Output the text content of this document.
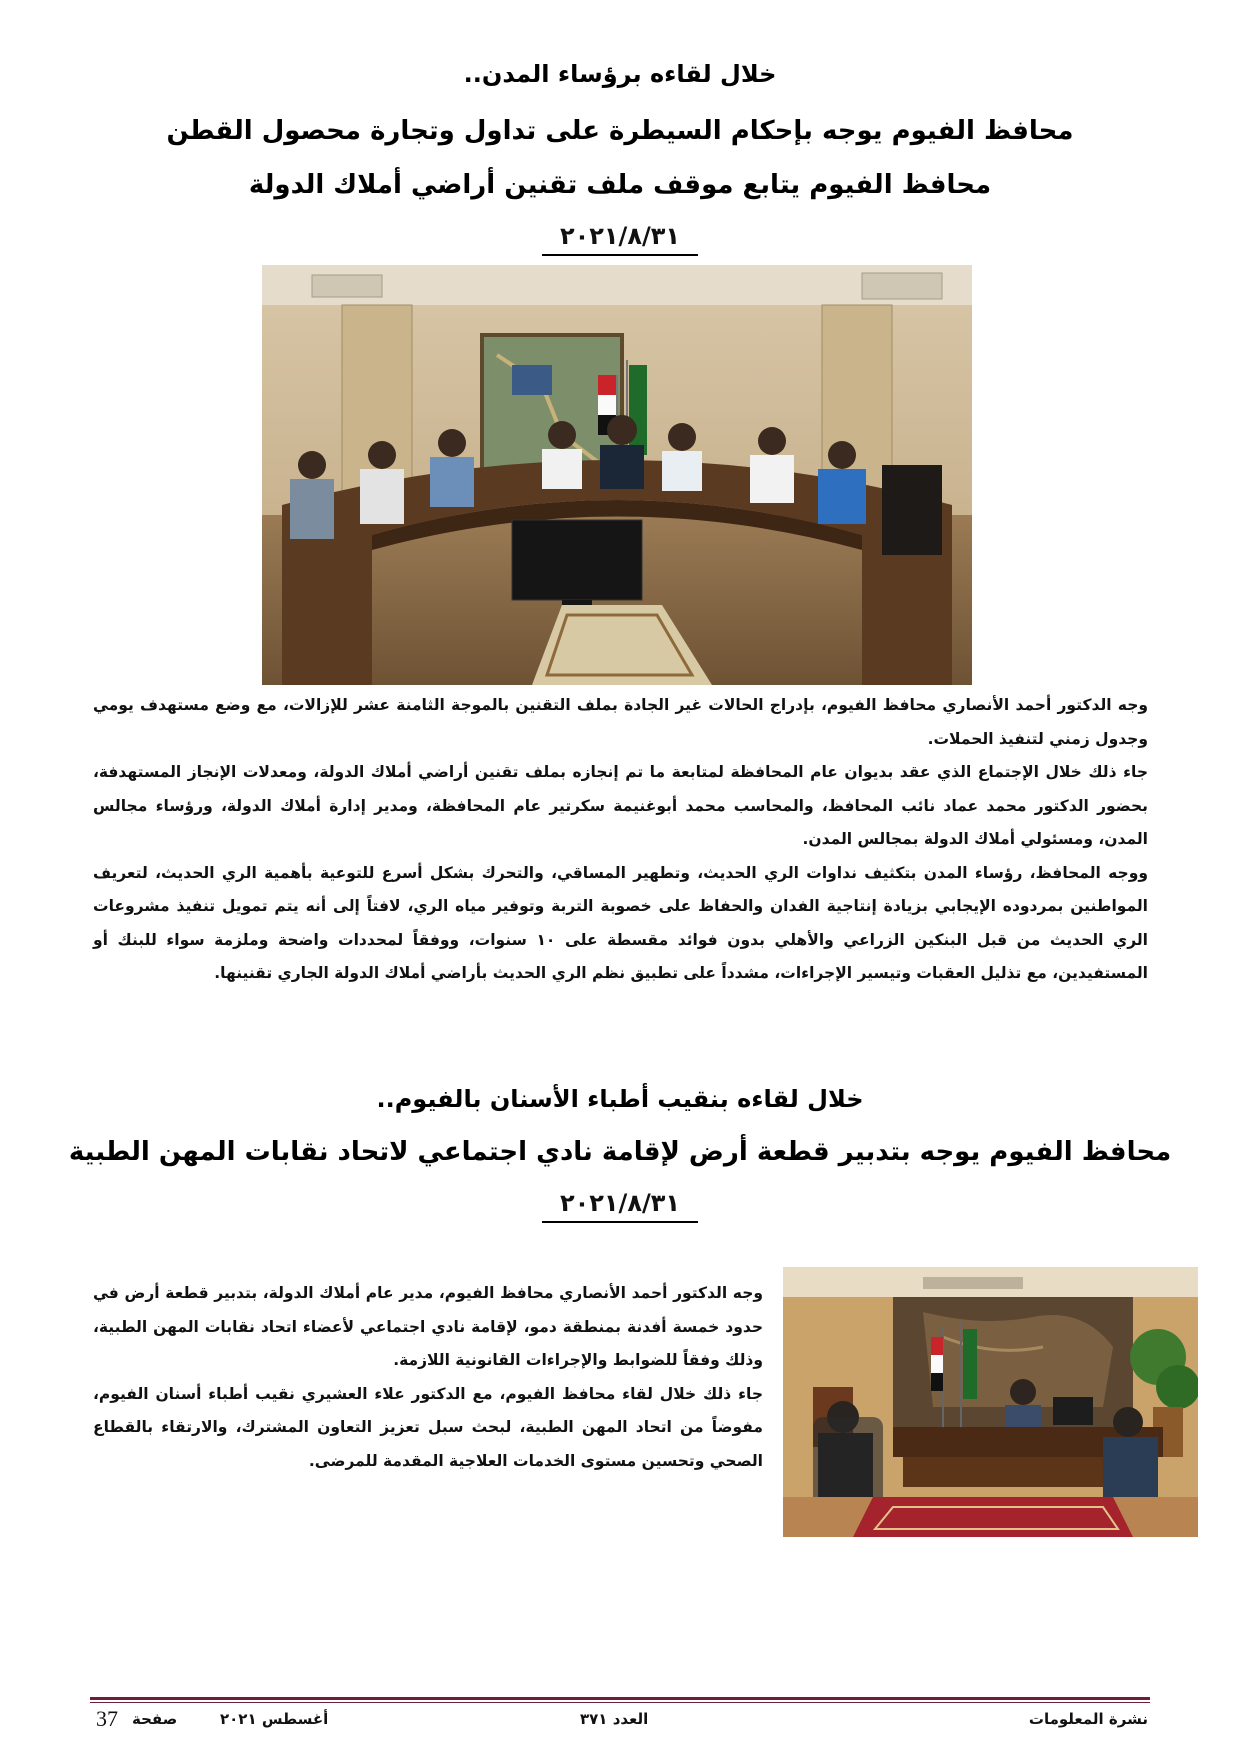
خلال لقاءه برؤساء المدن..
محافظ الفيوم يوجه بإحكام السيطرة على تداول وتجارة محصول القطن
محافظ الفيوم يتابع موقف ملف تقنين أراضي أملاك الدولة
٢٠٢١/٨/٣١

وجه الدكتور أحمد الأنصاري محافظ الفيوم، بإدراج الحالات غير الجادة بملف التقنين بالموجة الثامنة عشر للإزالات، مع وضع مستهدف يومي وجدول زمني لتنفيذ الحملات.

جاء ذلك خلال الإجتماع الذي عقد بديوان عام المحافظة لمتابعة ما تم إنجازه بملف تقنين أراضي أملاك الدولة، ومعدلات الإنجاز المستهدفة، بحضور الدكتور محمد عماد نائب المحافظ، والمحاسب محمد أبوغنيمة سكرتير عام المحافظة، ومدير إدارة أملاك الدولة، ورؤساء مجالس المدن، ومسئولي أملاك الدولة بمجالس المدن.

ووجه المحافظ، رؤساء المدن بتكثيف نداوات الري الحديث، وتطهير المساقي، والتحرك بشكل أسرع للتوعية بأهمية الري الحديث، لتعريف المواطنين بمردوده الإيجابي بزيادة إنتاجية الفدان والحفاظ على خصوبة التربة وتوفير مياه الري، لافتاً إلى أنه يتم تمويل تنفيذ مشروعات الري الحديث من قبل البنكين الزراعي والأهلي بدون فوائد مقسطة على ١٠ سنوات، ووفقاً لمحددات واضحة وملزمة سواء للبنك أو المستفيدين، مع تذليل العقبات وتيسير الإجراءات، مشدداً على تطبيق نظم الري الحديث بأراضي أملاك الدولة الجاري تقنينها.

خلال لقاءه بنقيب أطباء الأسنان بالفيوم..
محافظ الفيوم يوجه بتدبير قطعة أرض لإقامة نادي اجتماعي لاتحاد نقابات المهن الطبية
٢٠٢١/٨/٣١

وجه الدكتور أحمد الأنصاري محافظ الفيوم، مدير عام أملاك الدولة، بتدبير قطعة أرض في حدود خمسة أفدنة بمنطقة دمو، لإقامة نادي اجتماعي لأعضاء اتحاد نقابات المهن الطبية، وذلك وفقاً للضوابط والإجراءات القانونية اللازمة.

جاء ذلك خلال لقاء محافظ الفيوم، مع الدكتور علاء العشيري نقيب أطباء أسنان الفيوم، مفوضاً من اتحاد المهن الطبية، لبحث سبل تعزيز التعاون المشترك، والارتقاء بالقطاع الصحي وتحسين مستوى الخدمات العلاجية المقدمة للمرضى.

نشرة المعلومات
العدد ٣٧١
أغسطس ٢٠٢١
صفحة
37
